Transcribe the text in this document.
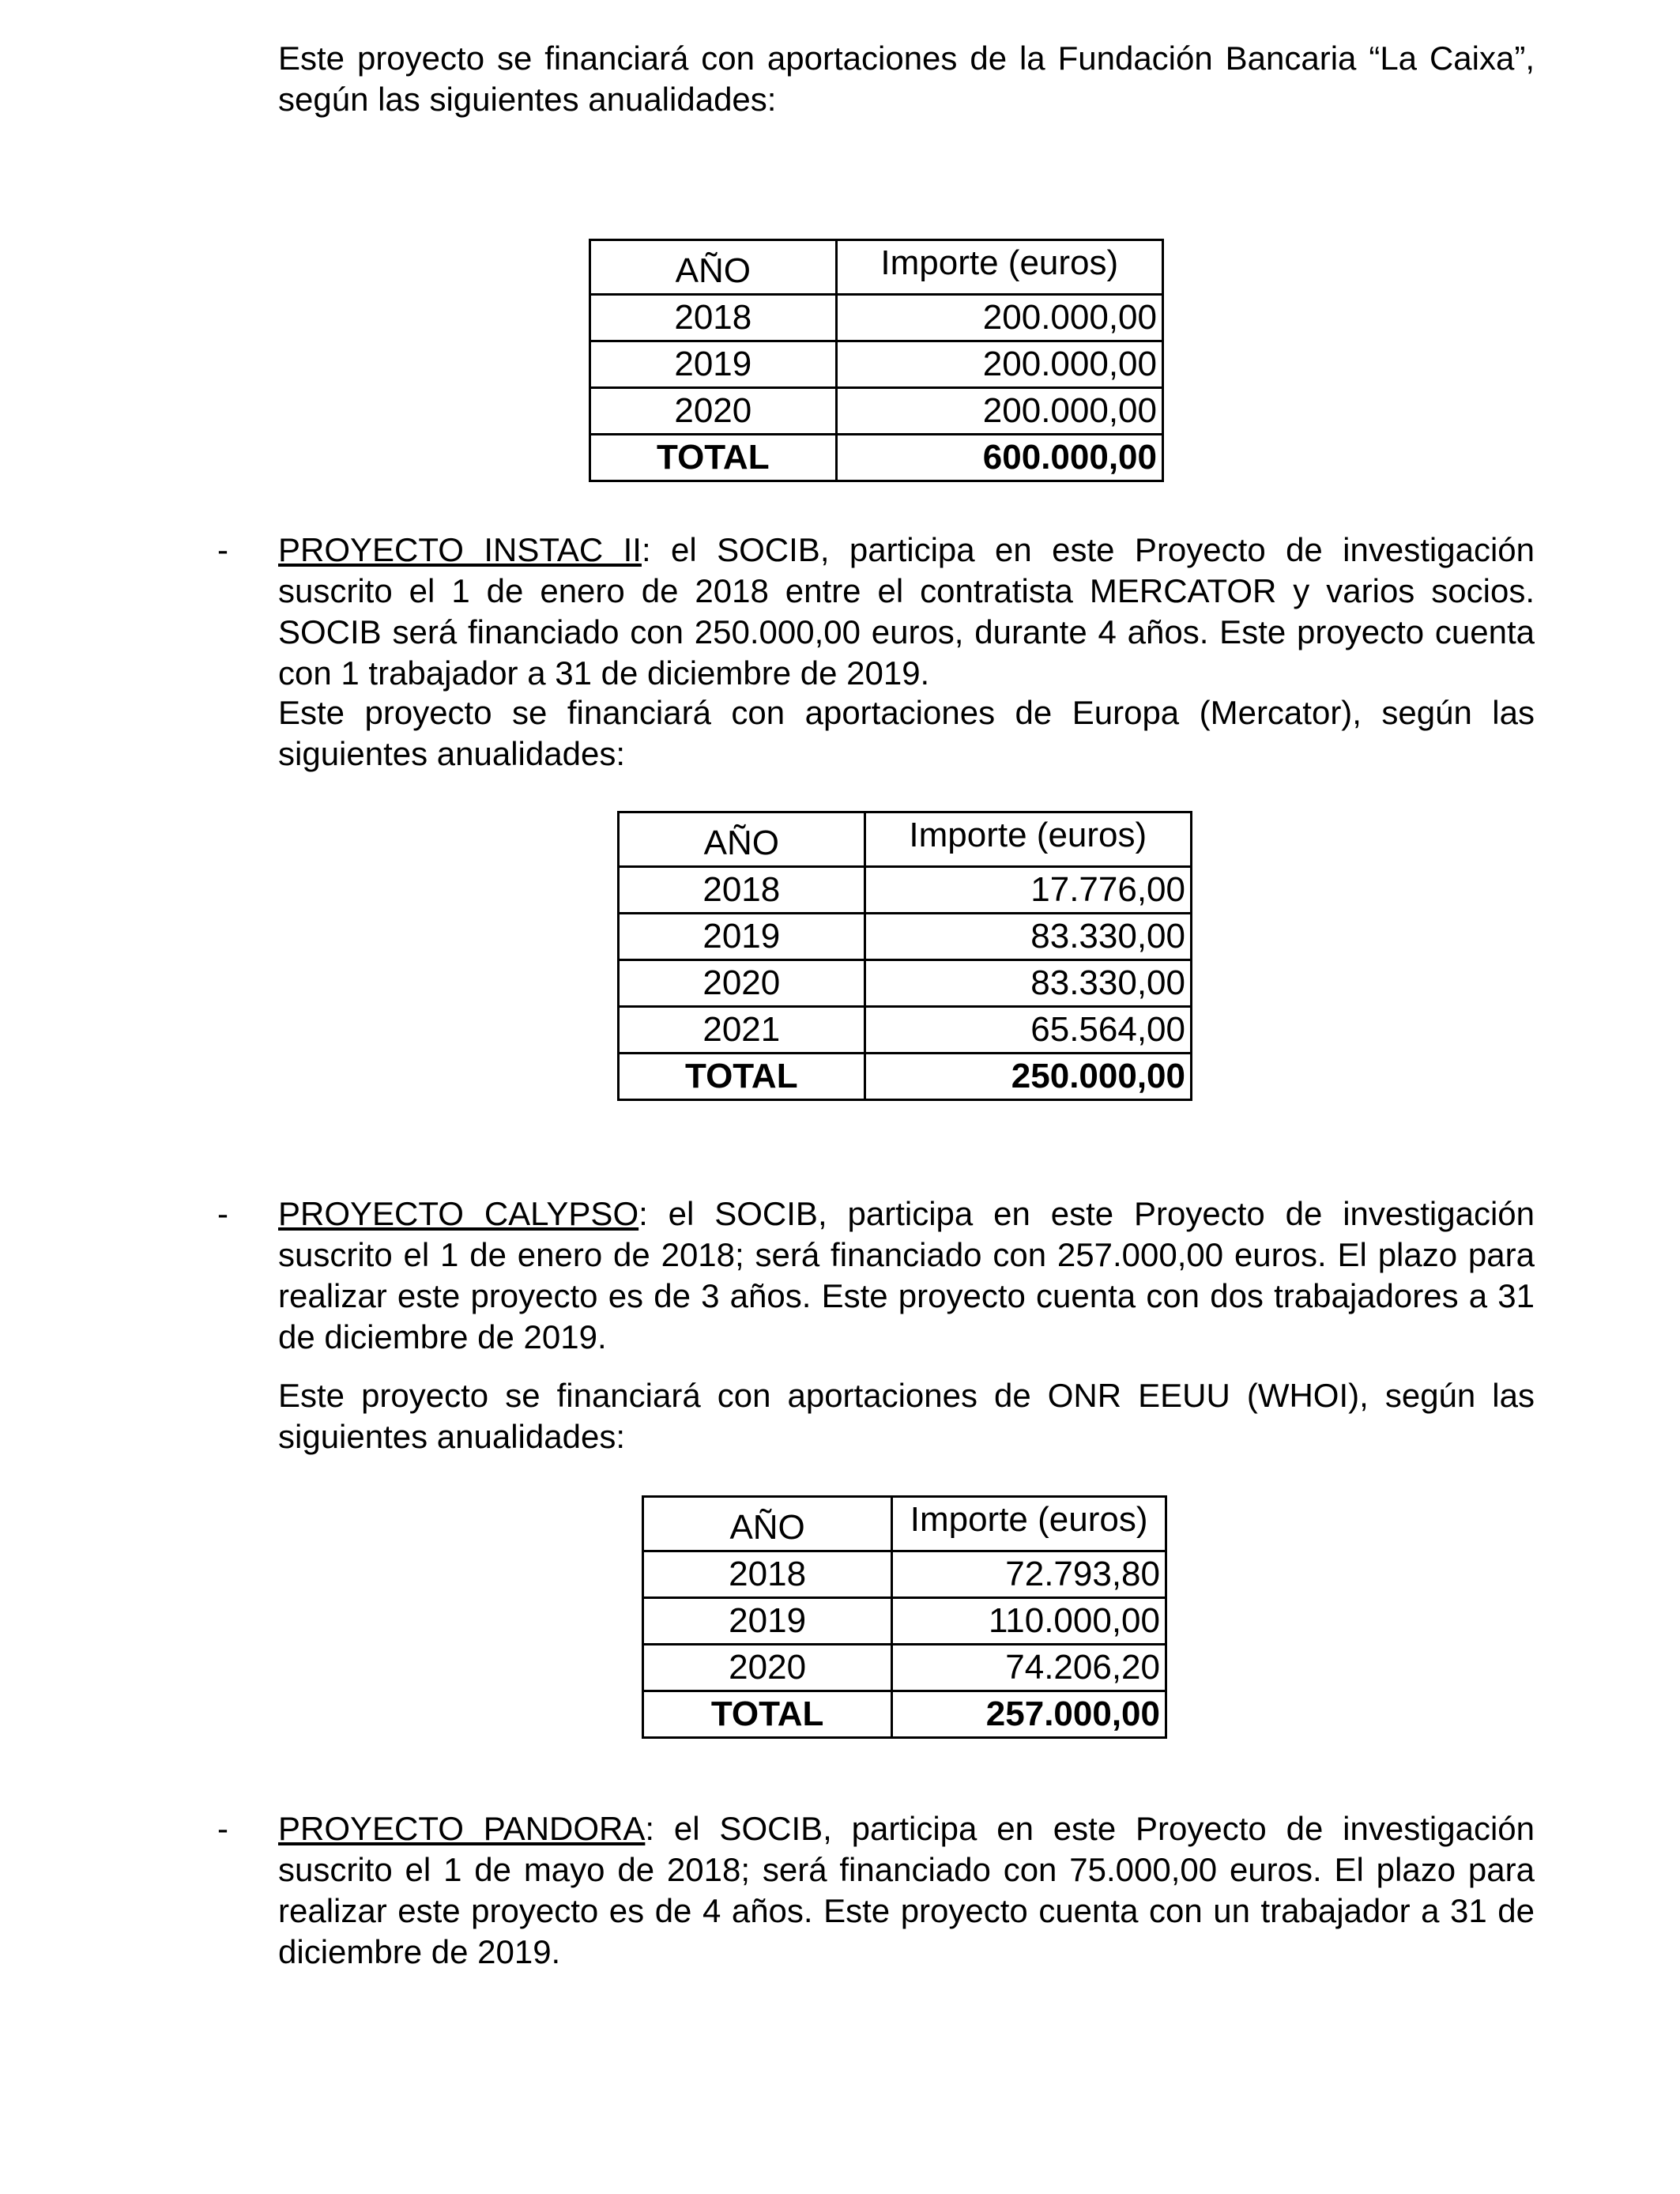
Este proyecto se financiará con aportaciones de la Fundación Bancaria “La Caixa”, según las siguientes anualidades:

AÑO	Importe (euros)
2018	200.000,00
2019	200.000,00
2020	200.000,00
TOTAL	600.000,00
- PROYECTO INSTAC II: el SOCIB, participa en este Proyecto de investigación suscrito el 1 de enero de 2018 entre el contratista MERCATOR y varios socios. SOCIB será financiado con 250.000,00 euros, durante 4 años. Este proyecto cuenta con 1 trabajador a 31 de diciembre de 2019.

Este proyecto se financiará con aportaciones de Europa (Mercator), según las siguientes anualidades:

AÑO	Importe (euros)
2018	17.776,00
2019	83.330,00
2020	83.330,00
2021	65.564,00
TOTAL	250.000,00
- PROYECTO CALYPSO: el SOCIB, participa en este Proyecto de investigación suscrito el 1 de enero de 2018; será financiado con 257.000,00 euros. El plazo para realizar este proyecto es de 3 años. Este proyecto cuenta con dos trabajadores a 31 de diciembre de 2019.

Este proyecto se financiará con aportaciones de ONR EEUU (WHOI), según las siguientes anualidades:

AÑO	Importe (euros)
2018	72.793,80
2019	110.000,00
2020	74.206,20
TOTAL	257.000,00
- PROYECTO PANDORA: el SOCIB, participa en este Proyecto de investigación suscrito el 1 de mayo de 2018; será financiado con 75.000,00 euros. El plazo para realizar este proyecto es de 4 años. Este proyecto cuenta con un trabajador a 31 de diciembre de 2019.
